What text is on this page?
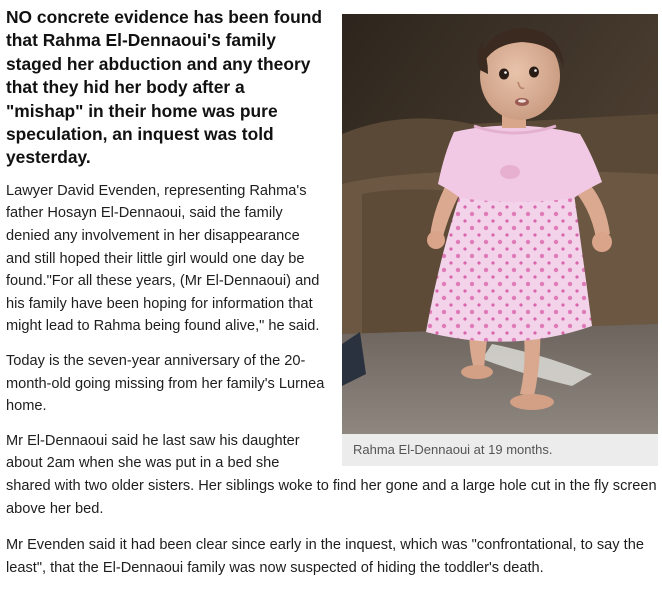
Rahma El-Dennaoui at 19 months.

NO concrete evidence has been found that Rahma El-Dennaoui's family staged her abduction and any theory that they hid her body after a "mishap" in their home was pure speculation, an inquest was told yesterday.

Lawyer David Evenden, representing Rahma's father Hosayn El-Dennaoui, said the family denied any involvement in her disappearance and still hoped their little girl would one day be found."For all these years, (Mr El-Dennaoui) and his family have been hoping for information that might lead to Rahma being found alive," he said.

Today is the seven-year anniversary of the 20-month-old going missing from her family's Lurnea home.

Mr El-Dennaoui said he last saw his daughter about 2am when she was put in a bed she shared with two older sisters. Her siblings woke to find her gone and a large hole cut in the fly screen above her bed.

Mr Evenden said it had been clear since early in the inquest, which was "confrontational, to say the least", that the El-Dennaoui family was now suspected of hiding the toddler's death.
